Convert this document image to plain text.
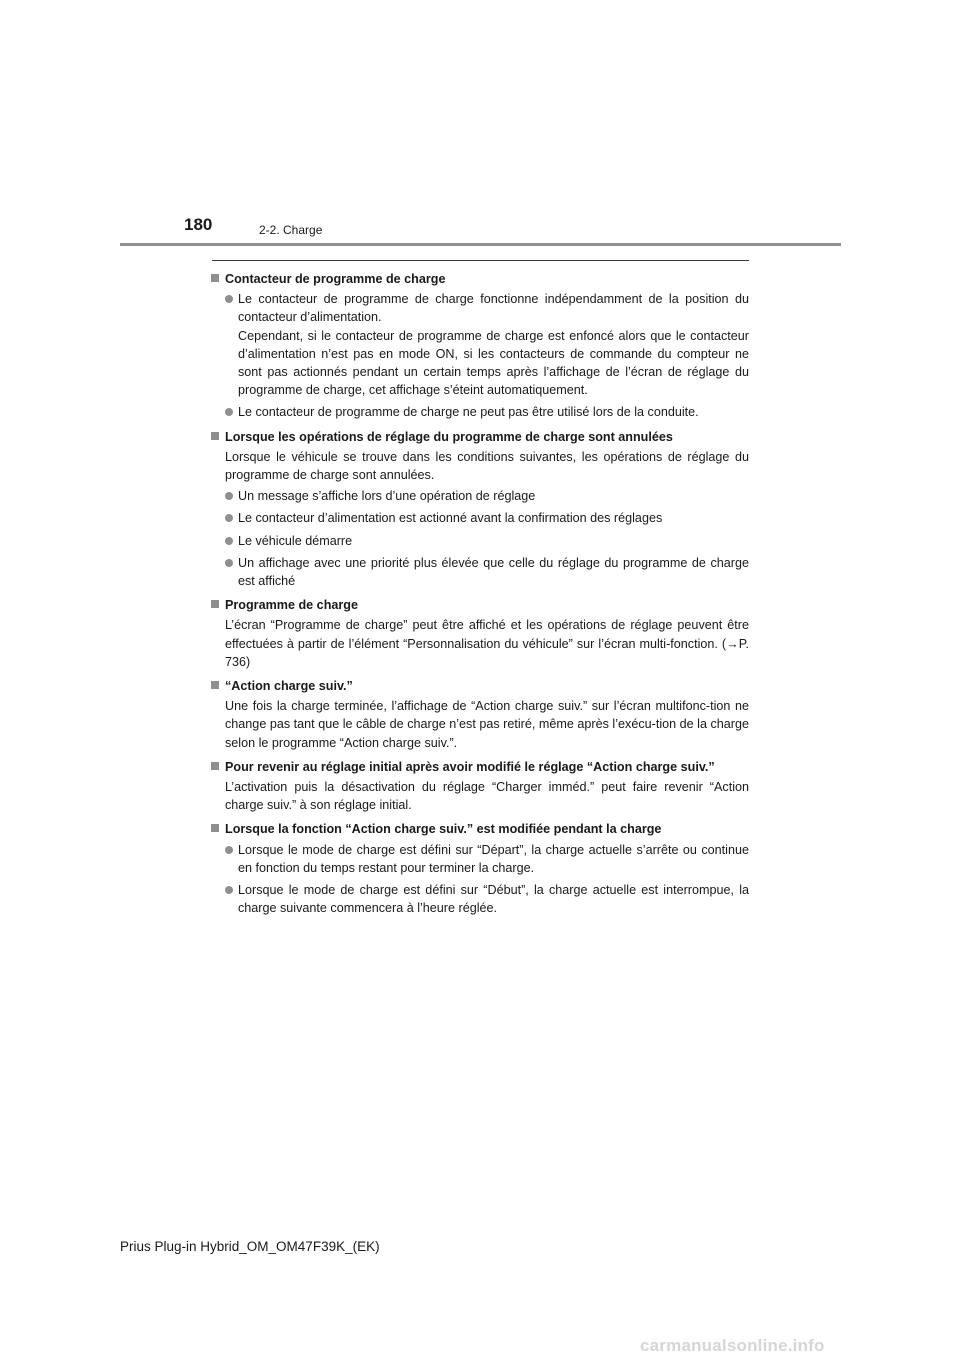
180	2-2. Charge
Contacteur de programme de charge
Le contacteur de programme de charge fonctionne indépendamment de la position du contacteur d’alimentation.
Cependant, si le contacteur de programme de charge est enfoncé alors que le contacteur d’alimentation n’est pas en mode ON, si les contacteurs de commande du compteur ne sont pas actionnés pendant un certain temps après l’affichage de l’écran de réglage du programme de charge, cet affichage s’éteint automatiquement.
Le contacteur de programme de charge ne peut pas être utilisé lors de la conduite.
Lorsque les opérations de réglage du programme de charge sont annulées
Lorsque le véhicule se trouve dans les conditions suivantes, les opérations de réglage du programme de charge sont annulées.
Un message s’affiche lors d’une opération de réglage
Le contacteur d’alimentation est actionné avant la confirmation des réglages
Le véhicule démarre
Un affichage avec une priorité plus élevée que celle du réglage du programme de charge est affiché
Programme de charge
L’écran “Programme de charge” peut être affiché et les opérations de réglage peuvent être effectuées à partir de l’élément “Personnalisation du véhicule” sur l’écran multi-fonction. (→P. 736)
“Action charge suiv.”
Une fois la charge terminée, l’affichage de “Action charge suiv.” sur l’écran multifonc-tion ne change pas tant que le câble de charge n’est pas retiré, même après l’exécu-tion de la charge selon le programme “Action charge suiv.”.
Pour revenir au réglage initial après avoir modifié le réglage “Action charge suiv.”
L’activation puis la désactivation du réglage “Charger imméd.” peut faire revenir “Action charge suiv.” à son réglage initial.
Lorsque la fonction “Action charge suiv.” est modifiée pendant la charge
Lorsque le mode de charge est défini sur “Départ”, la charge actuelle s’arrête ou continue en fonction du temps restant pour terminer la charge.
Lorsque le mode de charge est défini sur “Début”, la charge actuelle est interrompue, la charge suivante commencera à l’heure réglée.
Prius Plug-in Hybrid_OM_OM47F39K_(EK)
carmanualsonline.info
